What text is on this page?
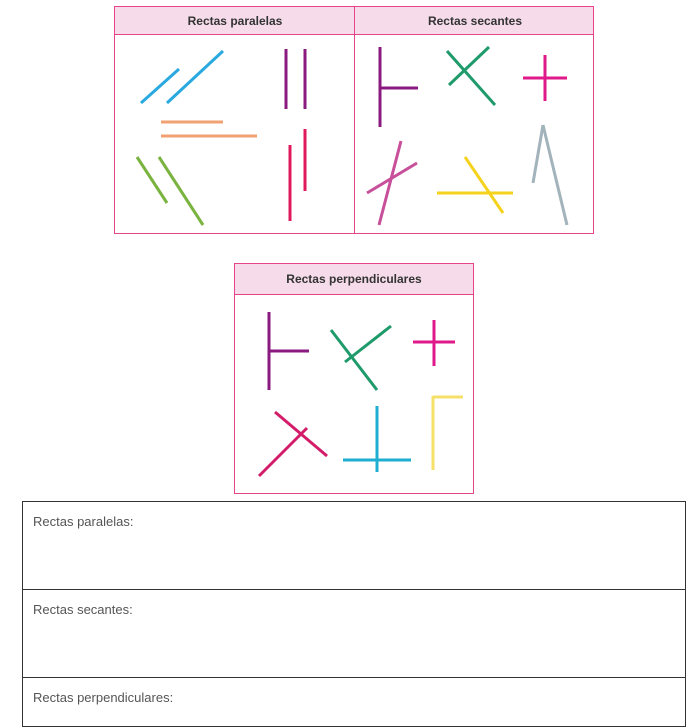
Rectas paralelas	Rectas secantes
Rectas perpendiculares
Rectas paralelas:
Rectas secantes:
Rectas perpendiculares:
